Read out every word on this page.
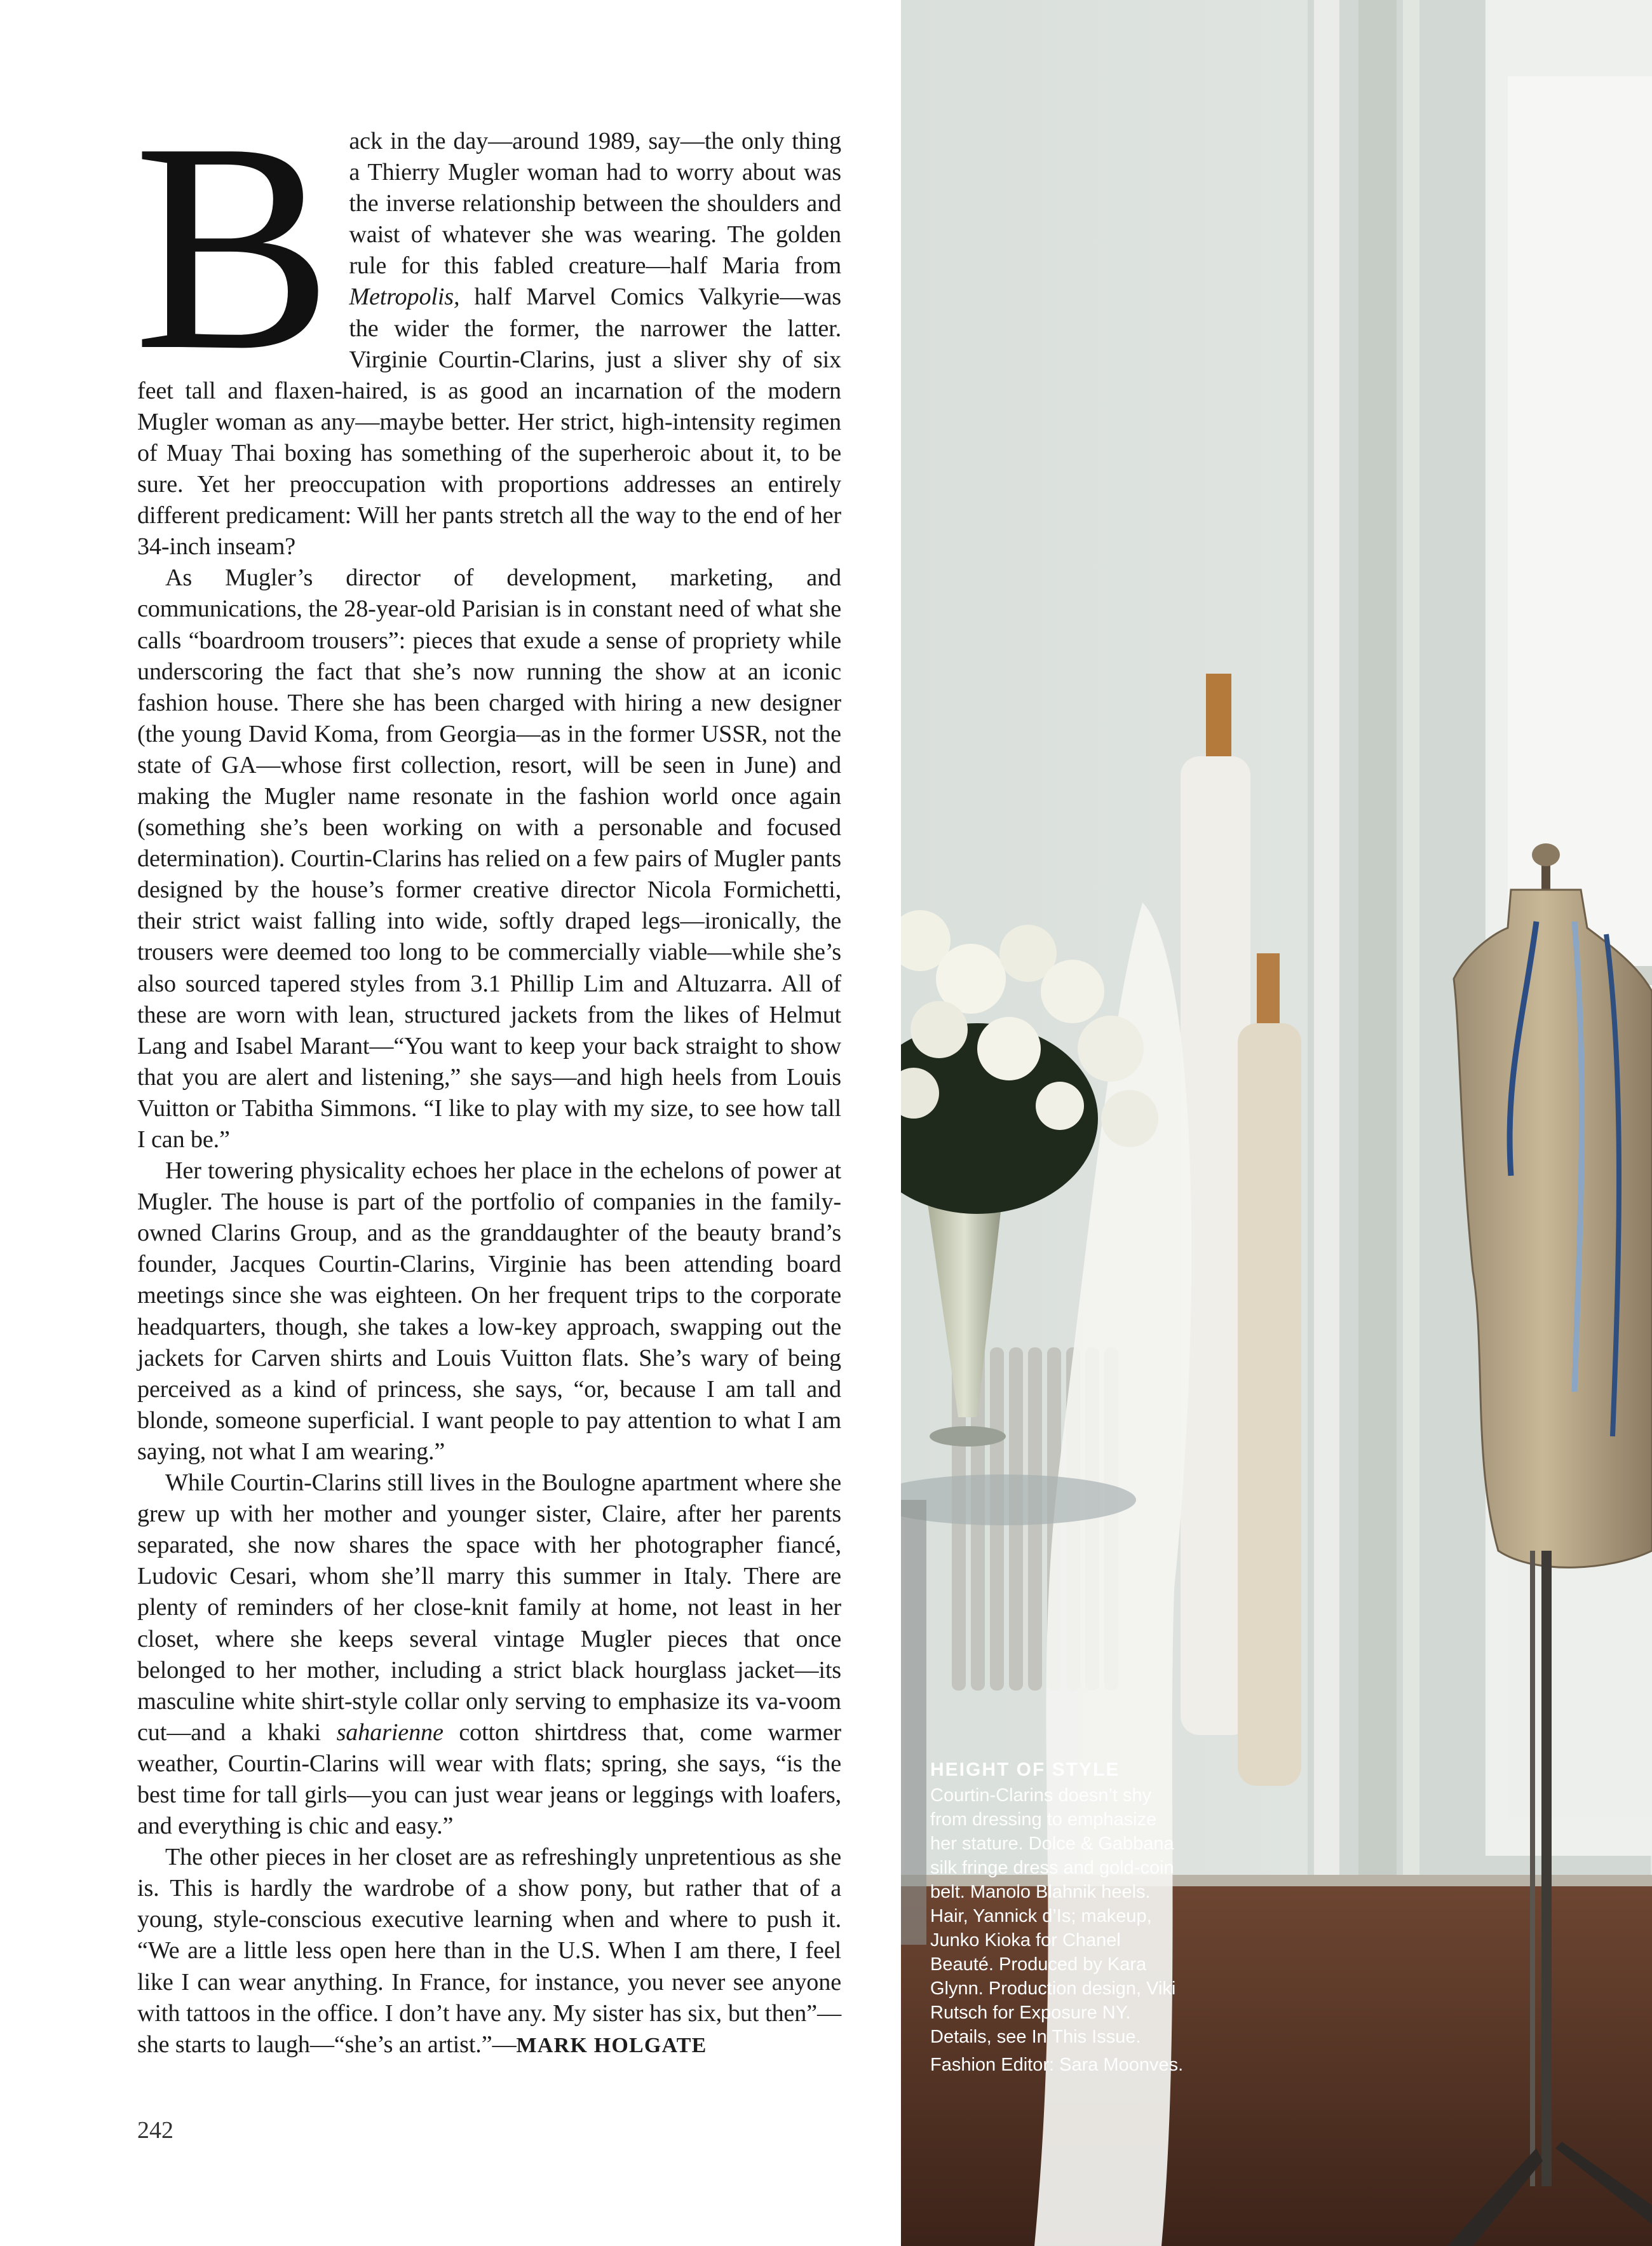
Back in the day—around 1989, say—the only thing a Thierry Mugler woman had to worry about was the inverse relationship between the shoulders and waist of whatever she was wearing. The golden rule for this fabled creature—half Maria from Metropolis, half Marvel Comics Valkyrie—was the wider the former, the narrower the latter. Virginie Courtin-Clarins, just a sliver shy of six feet tall and flaxen-haired, is as good an incarnation of the modern Mugler woman as any—maybe better. Her strict, high-intensity regimen of Muay Thai boxing has something of the superheroic about it, to be sure. Yet her preoccupation with proportions addresses an entirely different predicament: Will her pants stretch all the way to the end of her 34-inch inseam?

As Mugler’s director of development, marketing, and communications, the 28-year-old Parisian is in constant need of what she calls “boardroom trousers”: pieces that exude a sense of propriety while underscoring the fact that she’s now running the show at an iconic fashion house. There she has been charged with hiring a new designer (the young David Koma, from Georgia—as in the former USSR, not the state of GA—whose first collection, resort, will be seen in June) and making the Mugler name resonate in the fashion world once again (something she’s been working on with a personable and focused determination). Courtin-Clarins has relied on a few pairs of Mugler pants designed by the house’s former creative director Nicola Formichetti, their strict waist falling into wide, softly draped legs—ironically, the trousers were deemed too long to be commercially viable—while she’s also sourced tapered styles from 3.1 Phillip Lim and Altuzarra. All of these are worn with lean, structured jackets from the likes of Helmut Lang and Isabel Marant—“You want to keep your back straight to show that you are alert and listening,” she says—and high heels from Louis Vuitton or Tabitha Simmons. “I like to play with my size, to see how tall I can be.”

Her towering physicality echoes her place in the echelons of power at Mugler. The house is part of the portfolio of companies in the family-owned Clarins Group, and as the granddaughter of the beauty brand’s founder, Jacques Courtin-Clarins, Virginie has been attending board meetings since she was eighteen. On her frequent trips to the corporate headquarters, though, she takes a low-key approach, swapping out the jackets for Carven shirts and Louis Vuitton flats. She’s wary of being perceived as a kind of princess, she says, “or, because I am tall and blonde, someone superficial. I want people to pay attention to what I am saying, not what I am wearing.”

While Courtin-Clarins still lives in the Boulogne apartment where she grew up with her mother and younger sister, Claire, after her parents separated, she now shares the space with her photographer fiancé, Ludovic Cesari, whom she’ll marry this summer in Italy. There are plenty of reminders of her close-knit family at home, not least in her closet, where she keeps several vintage Mugler pieces that once belonged to her mother, including a strict black hourglass jacket—its masculine white shirt-style collar only serving to emphasize its va-voom cut—and a khaki saharienne cotton shirtdress that, come warmer weather, Courtin-Clarins will wear with flats; spring, she says, “is the best time for tall girls—you can just wear jeans or leggings with loafers, and everything is chic and easy.”

The other pieces in her closet are as refreshingly unpretentious as she is. This is hardly the wardrobe of a show pony, but rather that of a young, style-conscious executive learning when and where to push it. “We are a little less open here than in the U.S. When I am there, I feel like I can wear anything. In France, for instance, you never see anyone with tattoos in the office. I don’t have any. My sister has six, but then”—she starts to laugh—“she’s an artist.”—MARK HOLGATE

242
HEIGHT OF STYLE

Courtin-Clarins doesn’t shy from dressing to emphasize her stature. Dolce & Gabbana silk fringe dress and gold-coin belt. Manolo Blahnik heels. Hair, Yannick d’Is; makeup, Junko Kioka for Chanel Beauté. Produced by Kara Glynn. Production design, Viki Rutsch for Exposure NY. Details, see In This Issue.

Fashion Editor: Sara Moonves.
